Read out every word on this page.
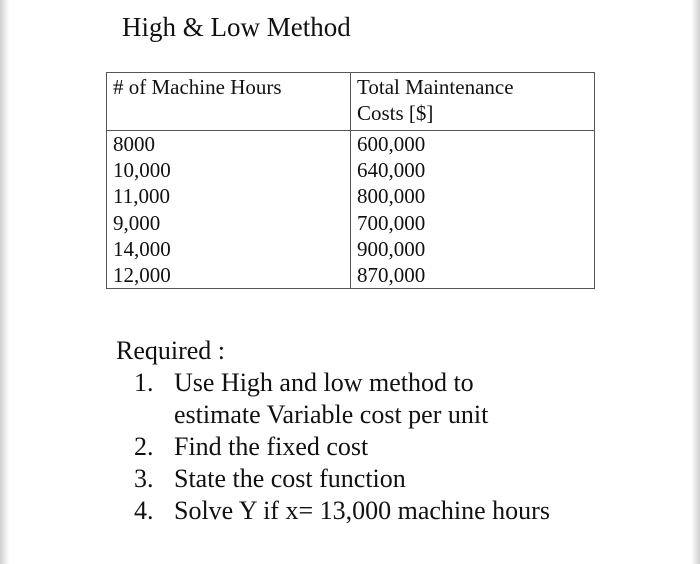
High & Low Method
# of Machine Hours	Total Maintenance
Costs [$]
8000	600,000
10,000	640,000
11,000	800,000
9,000	700,000
14,000	900,000
12,000	870,000

Required :

1. Use High and low method to
estimate Variable cost per unit
2. Find the fixed cost
3. State the cost function
4. Solve Y if x= 13,000 machine hours
